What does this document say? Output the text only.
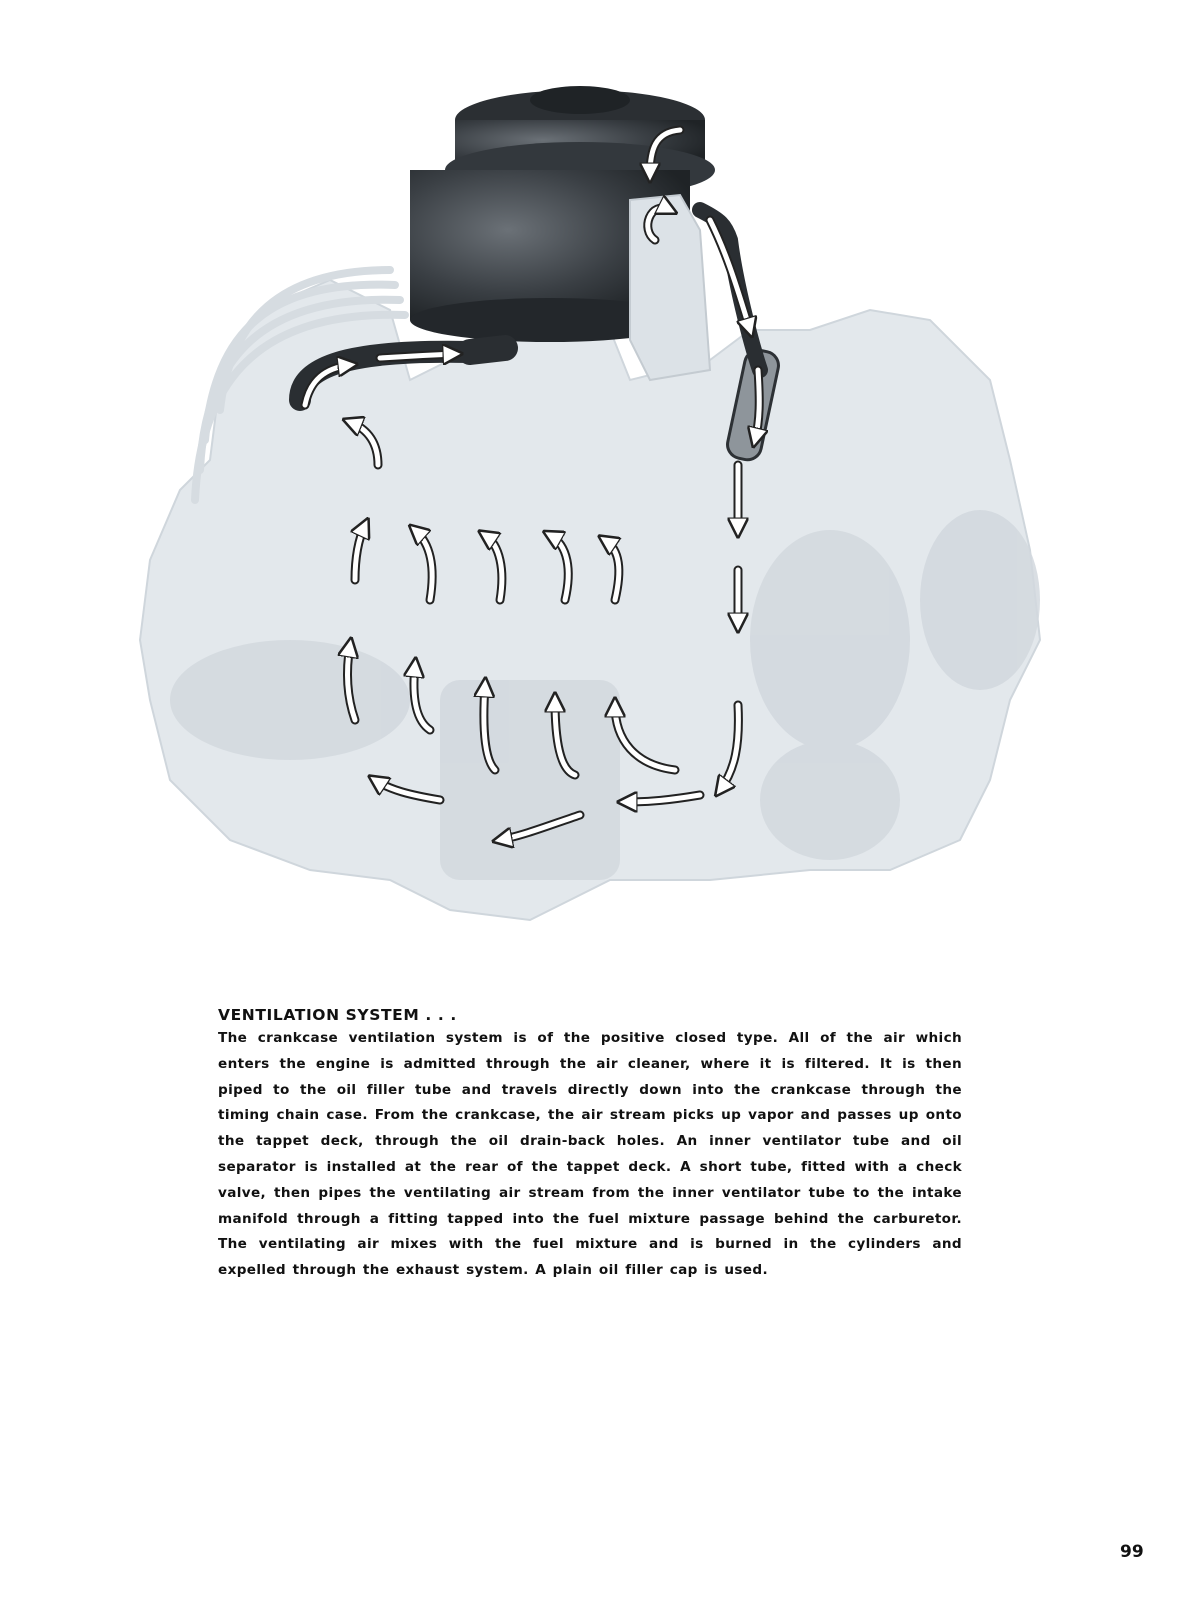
VENTILATION SYSTEM . . .

The crankcase ventilation system is of the positive closed type. All of the air which enters the engine is admitted through the air cleaner, where it is filtered. It is then piped to the oil filler tube and travels directly down into the crankcase through the timing chain case. From the crankcase, the air stream picks up vapor and passes up onto the tappet deck, through the oil drain-back holes. An inner ventilator tube and oil separator is installed at the rear of the tappet deck. A short tube, fitted with a check valve, then pipes the ventilating air stream from the inner ventilator tube to the intake manifold through a fitting tapped into the fuel mixture passage behind the carburetor. The ventilating air mixes with the fuel mixture and is burned in the cylinders and expelled through the exhaust system. A plain oil filler cap is used.

99
